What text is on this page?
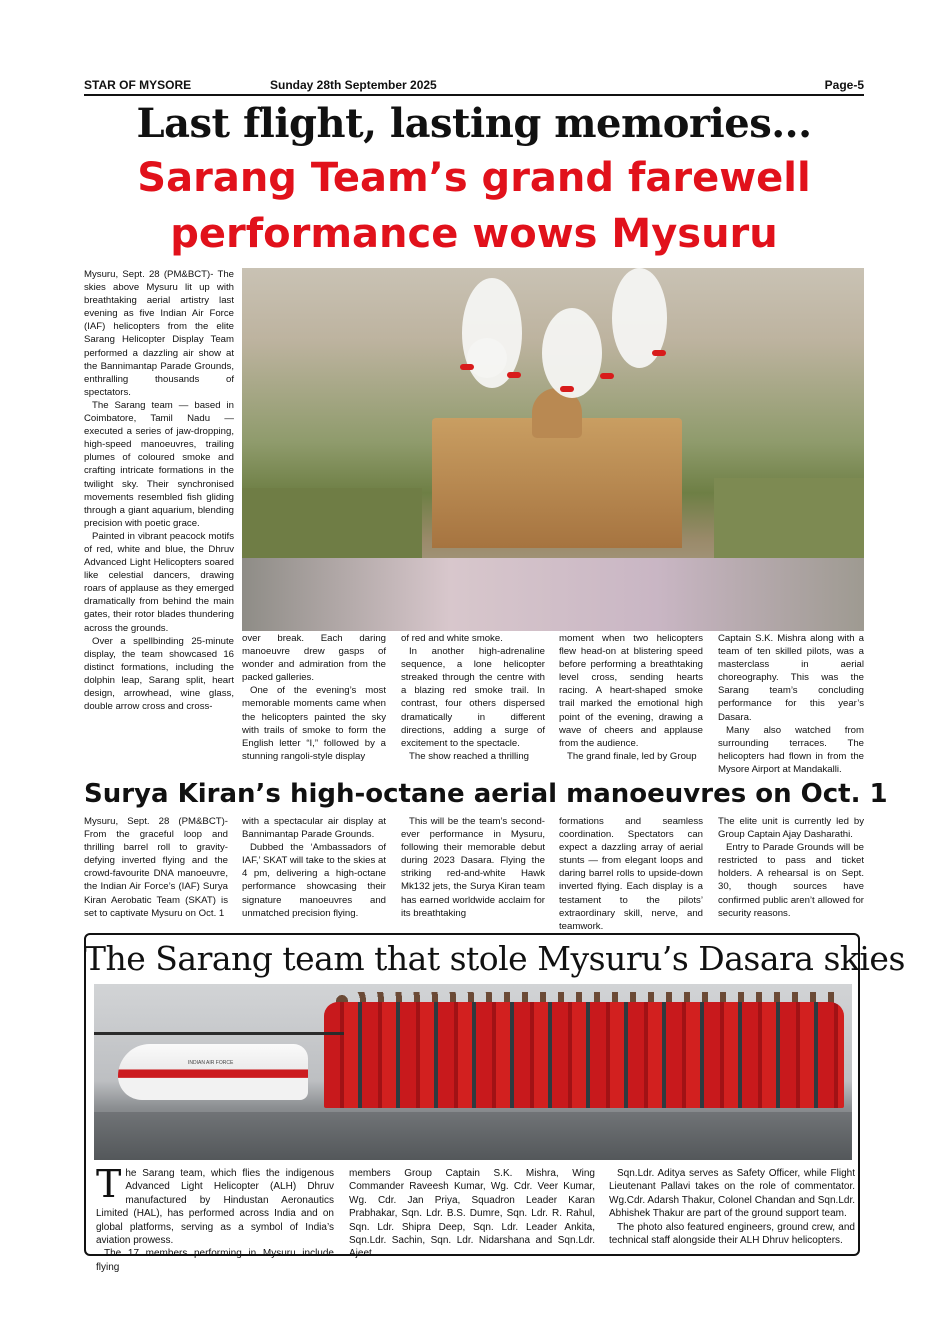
STAR OF MYSORE	Sunday 28th September 2025	Page-5
Last flight, lasting memories...
Sarang Team’s grand farewell
performance wows Mysuru

Mysuru, Sept. 28 (PM&BCT)- The skies above Mysuru lit up with breathtaking aerial artistry last evening as five Indian Air Force (IAF) helicopters from the elite Sarang Helicopter Display Team performed a dazzling air show at the Bannimantap Parade Grounds, enthralling thousands of spectators.

The Sarang team — based in Coimbatore, Tamil Nadu — executed a series of jaw-dropping, high-speed manoeuvres, trailing plumes of coloured smoke and crafting intricate formations in the twilight sky. Their synchronised movements resembled fish gliding through a giant aquarium, blending precision with poetic grace.

Painted in vibrant peacock motifs of red, white and blue, the Dhruv Advanced Light Helicopters soared like celestial dancers, drawing roars of applause as they emerged dramatically from behind the main gates, their rotor blades thundering across the grounds.

Over a spellbinding 25-minute display, the team showcased 16 distinct formations, including the dolphin leap, Sarang split, heart design, arrowhead, wine glass, double arrow cross and cross-

over break. Each daring manoeuvre drew gasps of wonder and admiration from the packed galleries.

One of the evening’s most memorable moments came when the helicopters painted the sky with trails of smoke to form the English letter “I,” followed by a stunning rangoli-style display

of red and white smoke.

In another high-adrenaline sequence, a lone helicopter streaked through the centre with a blazing red smoke trail. In contrast, four others dispersed dramatically in different directions, adding a surge of excitement to the spectacle.

The show reached a thrilling

moment when two helicopters flew head-on at blistering speed before performing a breathtaking level cross, sending hearts racing. A heart-shaped smoke trail marked the emotional high point of the evening, drawing a wave of cheers and applause from the audience.

The grand finale, led by Group

Captain S.K. Mishra along with a team of ten skilled pilots, was a masterclass in aerial choreography. This was the Sarang team’s concluding performance for this year’s Dasara.

Many also watched from surrounding terraces. The helicopters had flown in from the Mysore Airport at Mandakalli.

Surya Kiran’s high-octane aerial manoeuvres on Oct. 1

Mysuru, Sept. 28 (PM&BCT)- From the graceful loop and thrilling barrel roll to gravity-defying inverted flying and the crowd-favourite DNA manoeuvre, the Indian Air Force’s (IAF) Surya Kiran Aerobatic Team (SKAT) is set to captivate Mysuru on Oct. 1

with a spectacular air display at Bannimantap Parade Grounds.

Dubbed the ‘Ambassadors of IAF,’ SKAT will take to the skies at 4 pm, delivering a high-octane performance showcasing their signature manoeuvres and unmatched precision flying.

This will be the team’s second-ever performance in Mysuru, following their memorable debut during 2023 Dasara. Flying the striking red-and-white Hawk Mk132 jets, the Surya Kiran team has earned worldwide acclaim for its breathtaking

formations and seamless coordination. Spectators can expect a dazzling array of aerial stunts — from elegant loops and daring barrel rolls to upside-down inverted flying. Each display is a testament to the pilots’ extraordinary skill, nerve, and teamwork.

The elite unit is currently led by Group Captain Ajay Dasharathi.

Entry to Parade Grounds will be restricted to pass and ticket holders. A rehearsal is on Sept. 30, though sources have confirmed public aren’t allowed for security reasons.

The Sarang team that stole Mysuru’s Dasara skies
INDIAN AIR FORCE
T he Sarang team, which flies the indigenous Advanced Light Helicopter (ALH) Dhruv manufactured by Hindustan Aeronautics Limited (HAL), has performed across India and on global platforms, serving as a symbol of India’s aviation prowess.

The 17 members performing in Mysuru include flying

members Group Captain S.K. Mishra, Wing Commander Raveesh Kumar, Wg. Cdr. Veer Kumar, Wg. Cdr. Jan Priya, Squadron Leader Karan Prabhakar, Sqn. Ldr. B.S. Dumre, Sqn. Ldr. R. Rahul, Sqn. Ldr. Shipra Deep, Sqn. Ldr. Leader Ankita, Sqn.Ldr. Sachin, Sqn. Ldr. Nidarshana and Sqn.Ldr. Ajeet.

Sqn.Ldr. Aditya serves as Safety Officer, while Flight Lieutenant Pallavi takes on the role of commentator. Wg.Cdr. Adarsh Thakur, Colonel Chandan and Sqn.Ldr. Abhishek Thakur are part of the ground support team.

The photo also featured engineers, ground crew, and technical staff alongside their ALH Dhruv helicopters.
